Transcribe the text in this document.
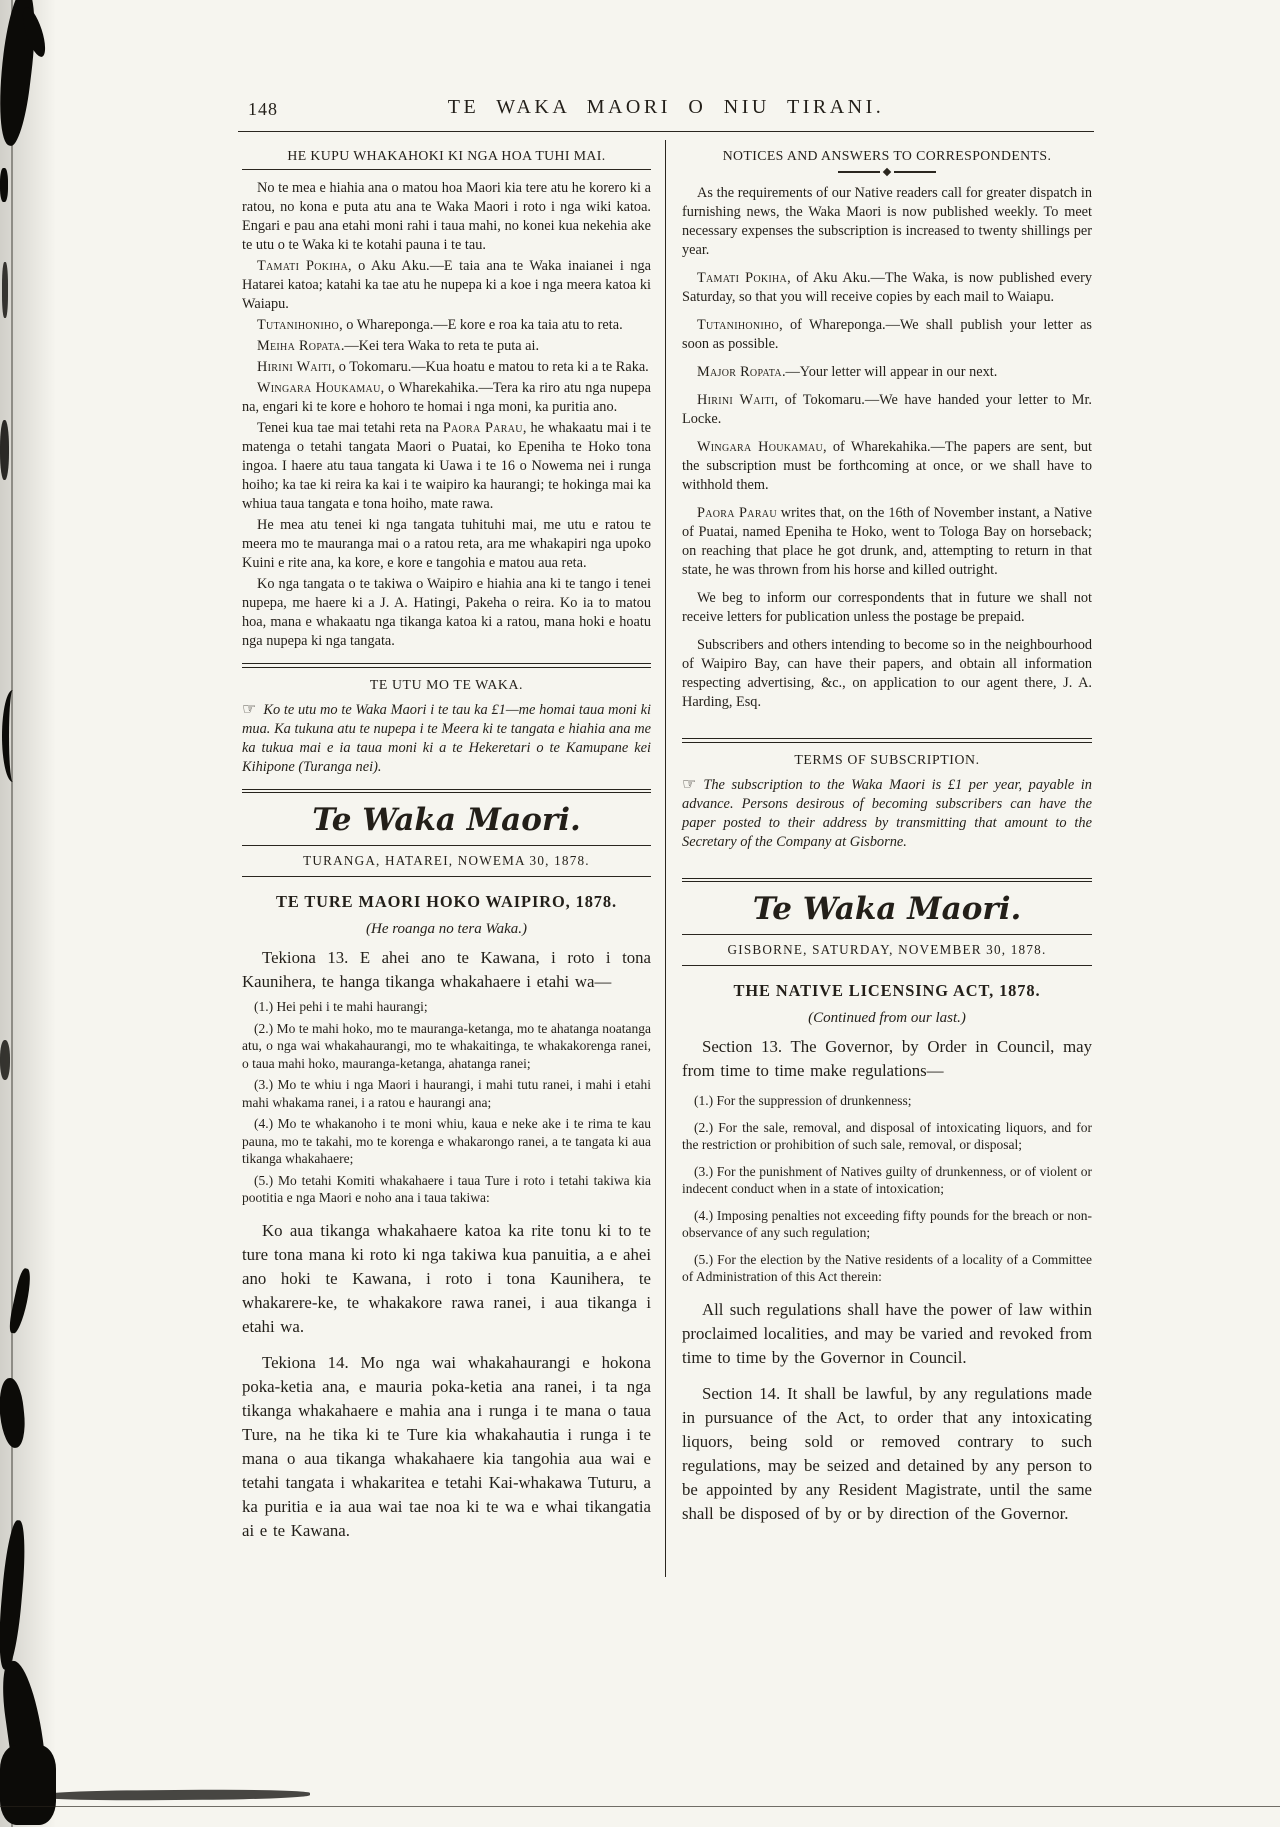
148	TE WAKA MAORI O NIU TIRANI.
HE KUPU WHAKAHOKI KI NGA HOA TUHI MAI.

No te mea e hiahia ana o matou hoa Maori kia tere atu he korero ki a ratou, no kona e puta atu ana te Waka Maori i roto i nga wiki katoa. Engari e pau ana etahi moni rahi i taua mahi, no konei kua nekehia ake te utu o te Waka ki te kotahi pauna i te tau.

Tamati Pokiha, o Aku Aku.—E taia ana te Waka inaianei i nga Hatarei katoa; katahi ka tae atu he nupepa ki a koe i nga meera katoa ki Waiapu.

Tutanihoniho, o Whareponga.—E kore e roa ka taia atu to reta.

Meiha Ropata.—Kei tera Waka to reta te puta ai.

Hirini Waiti, o Tokomaru.—Kua hoatu e matou to reta ki a te Raka.

Wingara Houkamau, o Wharekahika.—Tera ka riro atu nga nupepa na, engari ki te kore e hohoro te homai i nga moni, ka puritia ano.

Tenei kua tae mai tetahi reta na Paora Parau, he whakaatu mai i te matenga o tetahi tangata Maori o Puatai, ko Epeniha te Hoko tona ingoa. I haere atu taua tangata ki Uawa i te 16 o Nowema nei i runga hoiho; ka tae ki reira ka kai i te waipiro ka haurangi; te hokinga mai ka whiua taua tangata e tona hoiho, mate rawa.

He mea atu tenei ki nga tangata tuhituhi mai, me utu e ratou te meera mo te mauranga mai o a ratou reta, ara me whakapiri nga upoko Kuini e rite ana, ka kore, e kore e tangohia e matou aua reta.

Ko nga tangata o te takiwa o Waipiro e hiahia ana ki te tango i tenei nupepa, me haere ki a J. A. Hatingi, Pakeha o reira. Ko ia to matou hoa, mana e whakaatu nga tikanga katoa ki a ratou, mana hoki e hoatu nga nupepa ki nga tangata.

TE UTU MO TE WAKA.

☞ Ko te utu mo te Waka Maori i te tau ka £1—me homai taua moni ki mua. Ka tukuna atu te nupepa i te Meera ki te tangata e hiahia ana me ka tukua mai e ia taua moni ki a te Hekeretari o te Kamupane kei Kihipone (Turanga nei).

Te Waka Maori.
TURANGA, HATAREI, NOWEMA 30, 1878.
TE TURE MAORI HOKO WAIPIRO, 1878.
(He roanga no tera Waka.)

Tekiona 13. E ahei ano te Kawana, i roto i tona Kaunihera, te hanga tikanga whakahaere i etahi wa—

(1.) Hei pehi i te mahi haurangi;

(2.) Mo te mahi hoko, mo te mauranga-ketanga, mo te ahatanga noatanga atu, o nga wai whakahaurangi, mo te whakaitinga, te whakakorenga ranei, o taua mahi hoko, mauranga-ketanga, ahatanga ranei;

(3.) Mo te whiu i nga Maori i haurangi, i mahi tutu ranei, i mahi i etahi mahi whakama ranei, i a ratou e haurangi ana;

(4.) Mo te whakanoho i te moni whiu, kaua e neke ake i te rima te kau pauna, mo te takahi, mo te korenga e whakarongo ranei, a te tangata ki aua tikanga whakahaere;

(5.) Mo tetahi Komiti whakahaere i taua Ture i roto i tetahi takiwa kia pootitia e nga Maori e noho ana i taua takiwa:

Ko aua tikanga whakahaere katoa ka rite tonu ki to te ture tona mana ki roto ki nga takiwa kua panuitia, a e ahei ano hoki te Kawana, i roto i tona Kaunihera, te whakarere-ke, te whakakore rawa ranei, i aua tikanga i etahi wa.

Tekiona 14. Mo nga wai whakahaurangi e hokona poka-ketia ana, e mauria poka-ketia ana ranei, i ta nga tikanga whakahaere e mahia ana i runga i te mana o taua Ture, na he tika ki te Ture kia whakahautia i runga i te mana o aua tikanga whakahaere kia tangohia aua wai e tetahi tangata i whakaritea e tetahi Kai-whakawa Tuturu, a ka puritia e ia aua wai tae noa ki te wa e whai tikangatia ai e te Kawana.

NOTICES AND ANSWERS TO CORRESPONDENTS.

As the requirements of our Native readers call for greater dispatch in furnishing news, the Waka Maori is now published weekly. To meet necessary expenses the subscription is increased to twenty shillings per year.

Tamati Pokiha, of Aku Aku.—The Waka, is now published every Saturday, so that you will receive copies by each mail to Waiapu.

Tutanihoniho, of Whareponga.—We shall publish your letter as soon as possible.

Major Ropata.—Your letter will appear in our next.

Hirini Waiti, of Tokomaru.—We have handed your letter to Mr. Locke.

Wingara Houkamau, of Wharekahika.—The papers are sent, but the subscription must be forthcoming at once, or we shall have to withhold them.

Paora Parau writes that, on the 16th of November instant, a Native of Puatai, named Epeniha te Hoko, went to Tologa Bay on horseback; on reaching that place he got drunk, and, attempting to return in that state, he was thrown from his horse and killed outright.

We beg to inform our correspondents that in future we shall not receive letters for publication unless the postage be prepaid.

Subscribers and others intending to become so in the neighbourhood of Waipiro Bay, can have their papers, and obtain all information respecting advertising, &c., on application to our agent there, J. A. Harding, Esq.

TERMS OF SUBSCRIPTION.

☞ The subscription to the Waka Maori is £1 per year, payable in advance. Persons desirous of becoming subscribers can have the paper posted to their address by transmitting that amount to the Secretary of the Company at Gisborne.

Te Waka Maori.
GISBORNE, SATURDAY, NOVEMBER 30, 1878.
THE NATIVE LICENSING ACT, 1878.
(Continued from our last.)

Section 13. The Governor, by Order in Council, may from time to time make regulations—

(1.) For the suppression of drunkenness;

(2.) For the sale, removal, and disposal of intoxicating liquors, and for the restriction or prohibition of such sale, removal, or disposal;

(3.) For the punishment of Natives guilty of drunkenness, or of violent or indecent conduct when in a state of intoxication;

(4.) Imposing penalties not exceeding fifty pounds for the breach or non-observance of any such regulation;

(5.) For the election by the Native residents of a locality of a Committee of Administration of this Act therein:

All such regulations shall have the power of law within proclaimed localities, and may be varied and revoked from time to time by the Governor in Council.

Section 14. It shall be lawful, by any regulations made in pursuance of the Act, to order that any intoxicating liquors, being sold or removed contrary to such regulations, may be seized and detained by any person to be appointed by any Resident Magistrate, until the same shall be disposed of by or by direction of the Governor.
